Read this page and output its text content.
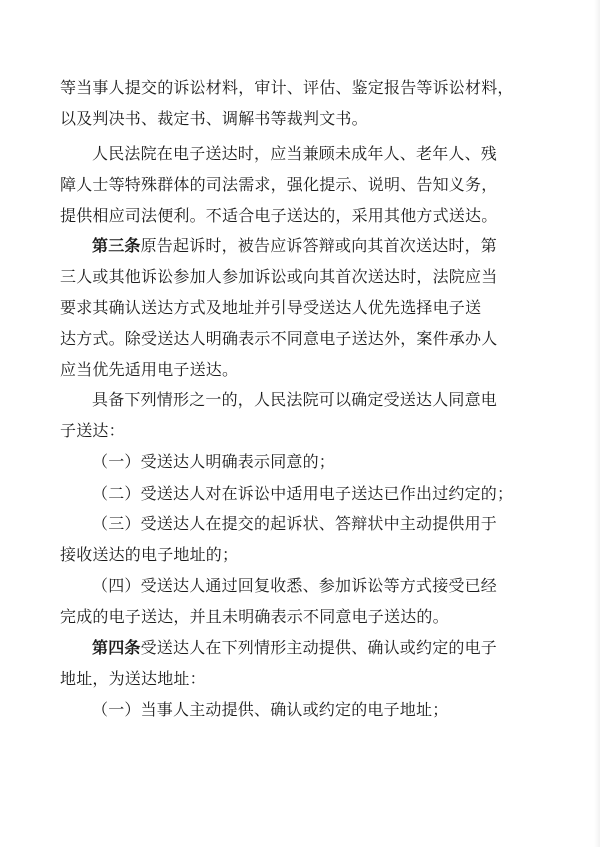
等当事人提交的诉讼材料，审计、评估、鉴定报告等诉讼材料，
以及判决书、裁定书、调解书等裁判文书。
人民法院在电子送达时，应当兼顾未成年人、老年人、残
障人士等特殊群体的司法需求，强化提示、说明、告知义务，
提供相应司法便利。不适合电子送达的，采用其他方式送达。
第三条原告起诉时，被告应诉答辩或向其首次送达时，第
三人或其他诉讼参加人参加诉讼或向其首次送达时，法院应当
要求其确认送达方式及地址并引导受送达人优先选择电子送
达方式。除受送达人明确表示不同意电子送达外，案件承办人
应当优先适用电子送达。
具备下列情形之一的，人民法院可以确定受送达人同意电
子送达：
（一）受送达人明确表示同意的；
（二）受送达人对在诉讼中适用电子送达已作出过约定的；
（三）受送达人在提交的起诉状、答辩状中主动提供用于
接收送达的电子地址的；
（四）受送达人通过回复收悉、参加诉讼等方式接受已经
完成的电子送达，并且未明确表示不同意电子送达的。
第四条受送达人在下列情形主动提供、确认或约定的电子
地址，为送达地址：
（一）当事人主动提供、确认或约定的电子地址；
